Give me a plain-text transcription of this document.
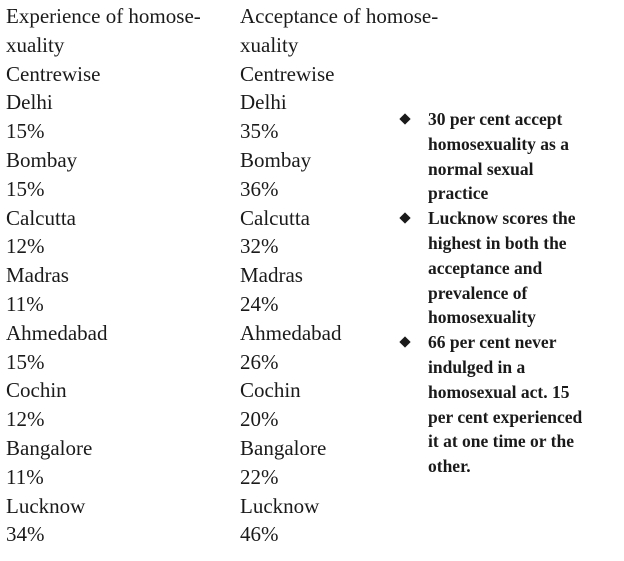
Experience of homose-
xuality
Centrewise
Delhi
15%
Bombay
15%
Calcutta
12%
Madras
11%
Ahmedabad
15%
Cochin
12%
Bangalore
11%
Lucknow
34%
Acceptance of homose-
xuality
Centrewise
Delhi
35%
Bombay
36%
Calcutta
32%
Madras
24%
Ahmedabad
26%
Cochin
20%
Bangalore
22%
Lucknow
46%
30 per cent accept
homosexuality as a
normal sexual
practice
Lucknow scores the
highest in both the
acceptance and
prevalence of
homosexuality
66 per cent never
indulged in a
homosexual act. 15
per cent experienced
it at one time or the
other.
